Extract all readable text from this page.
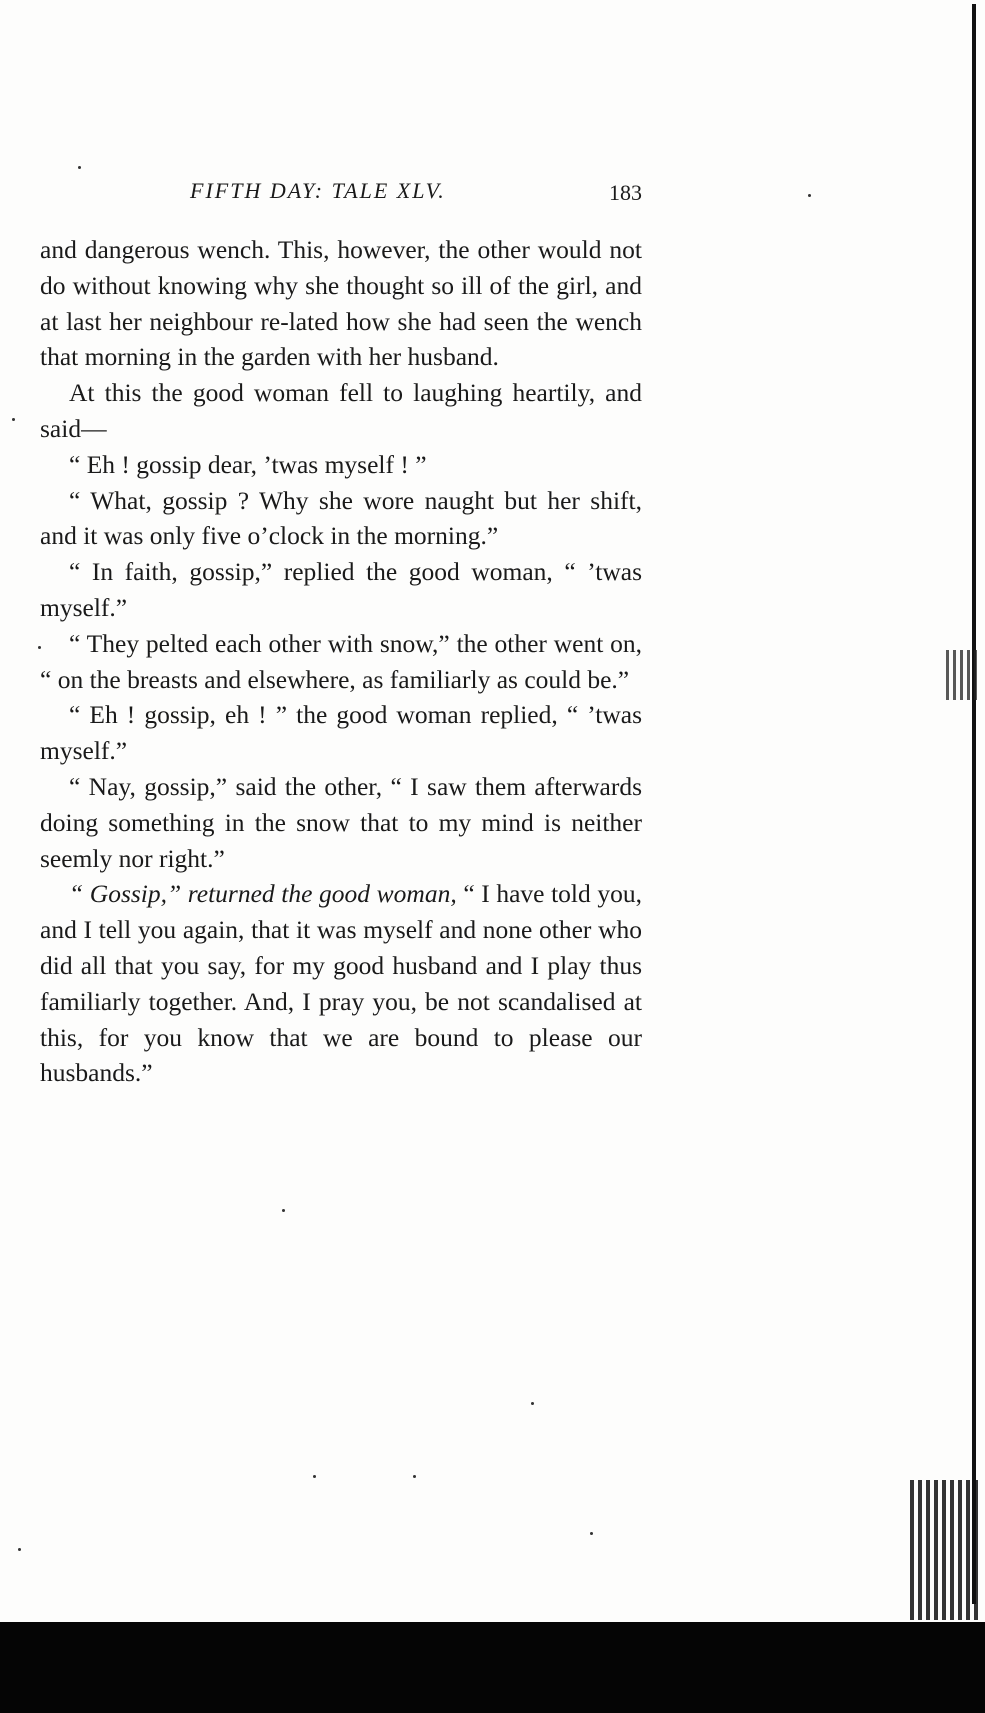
FIFTH DAY: TALE XLV.	183

and dangerous wench. This, however, the other would not do without knowing why she thought so ill of the girl, and at last her neighbour re-lated how she had seen the wench that morning in the garden with her husband.

At this the good woman fell to laughing heartily, and said—

“ Eh ! gossip dear, ’twas myself ! ”

“ What, gossip ? Why she wore naught but her shift, and it was only five o’clock in the morning.”

“ In faith, gossip,” replied the good woman, “ ’twas myself.”

“ They pelted each other with snow,” the other went on, “ on the breasts and elsewhere, as familiarly as could be.”

“ Eh ! gossip, eh ! ” the good woman replied, “ ’twas myself.”

“ Nay, gossip,” said the other, “ I saw them afterwards doing something in the snow that to my mind is neither seemly nor right.”

“ Gossip,” returned the good woman, “ I have told you, and I tell you again, that it was myself and none other who did all that you say, for my good husband and I play thus familiarly together. And, I pray you, be not scandalised at this, for you know that we are bound to please our husbands.”
